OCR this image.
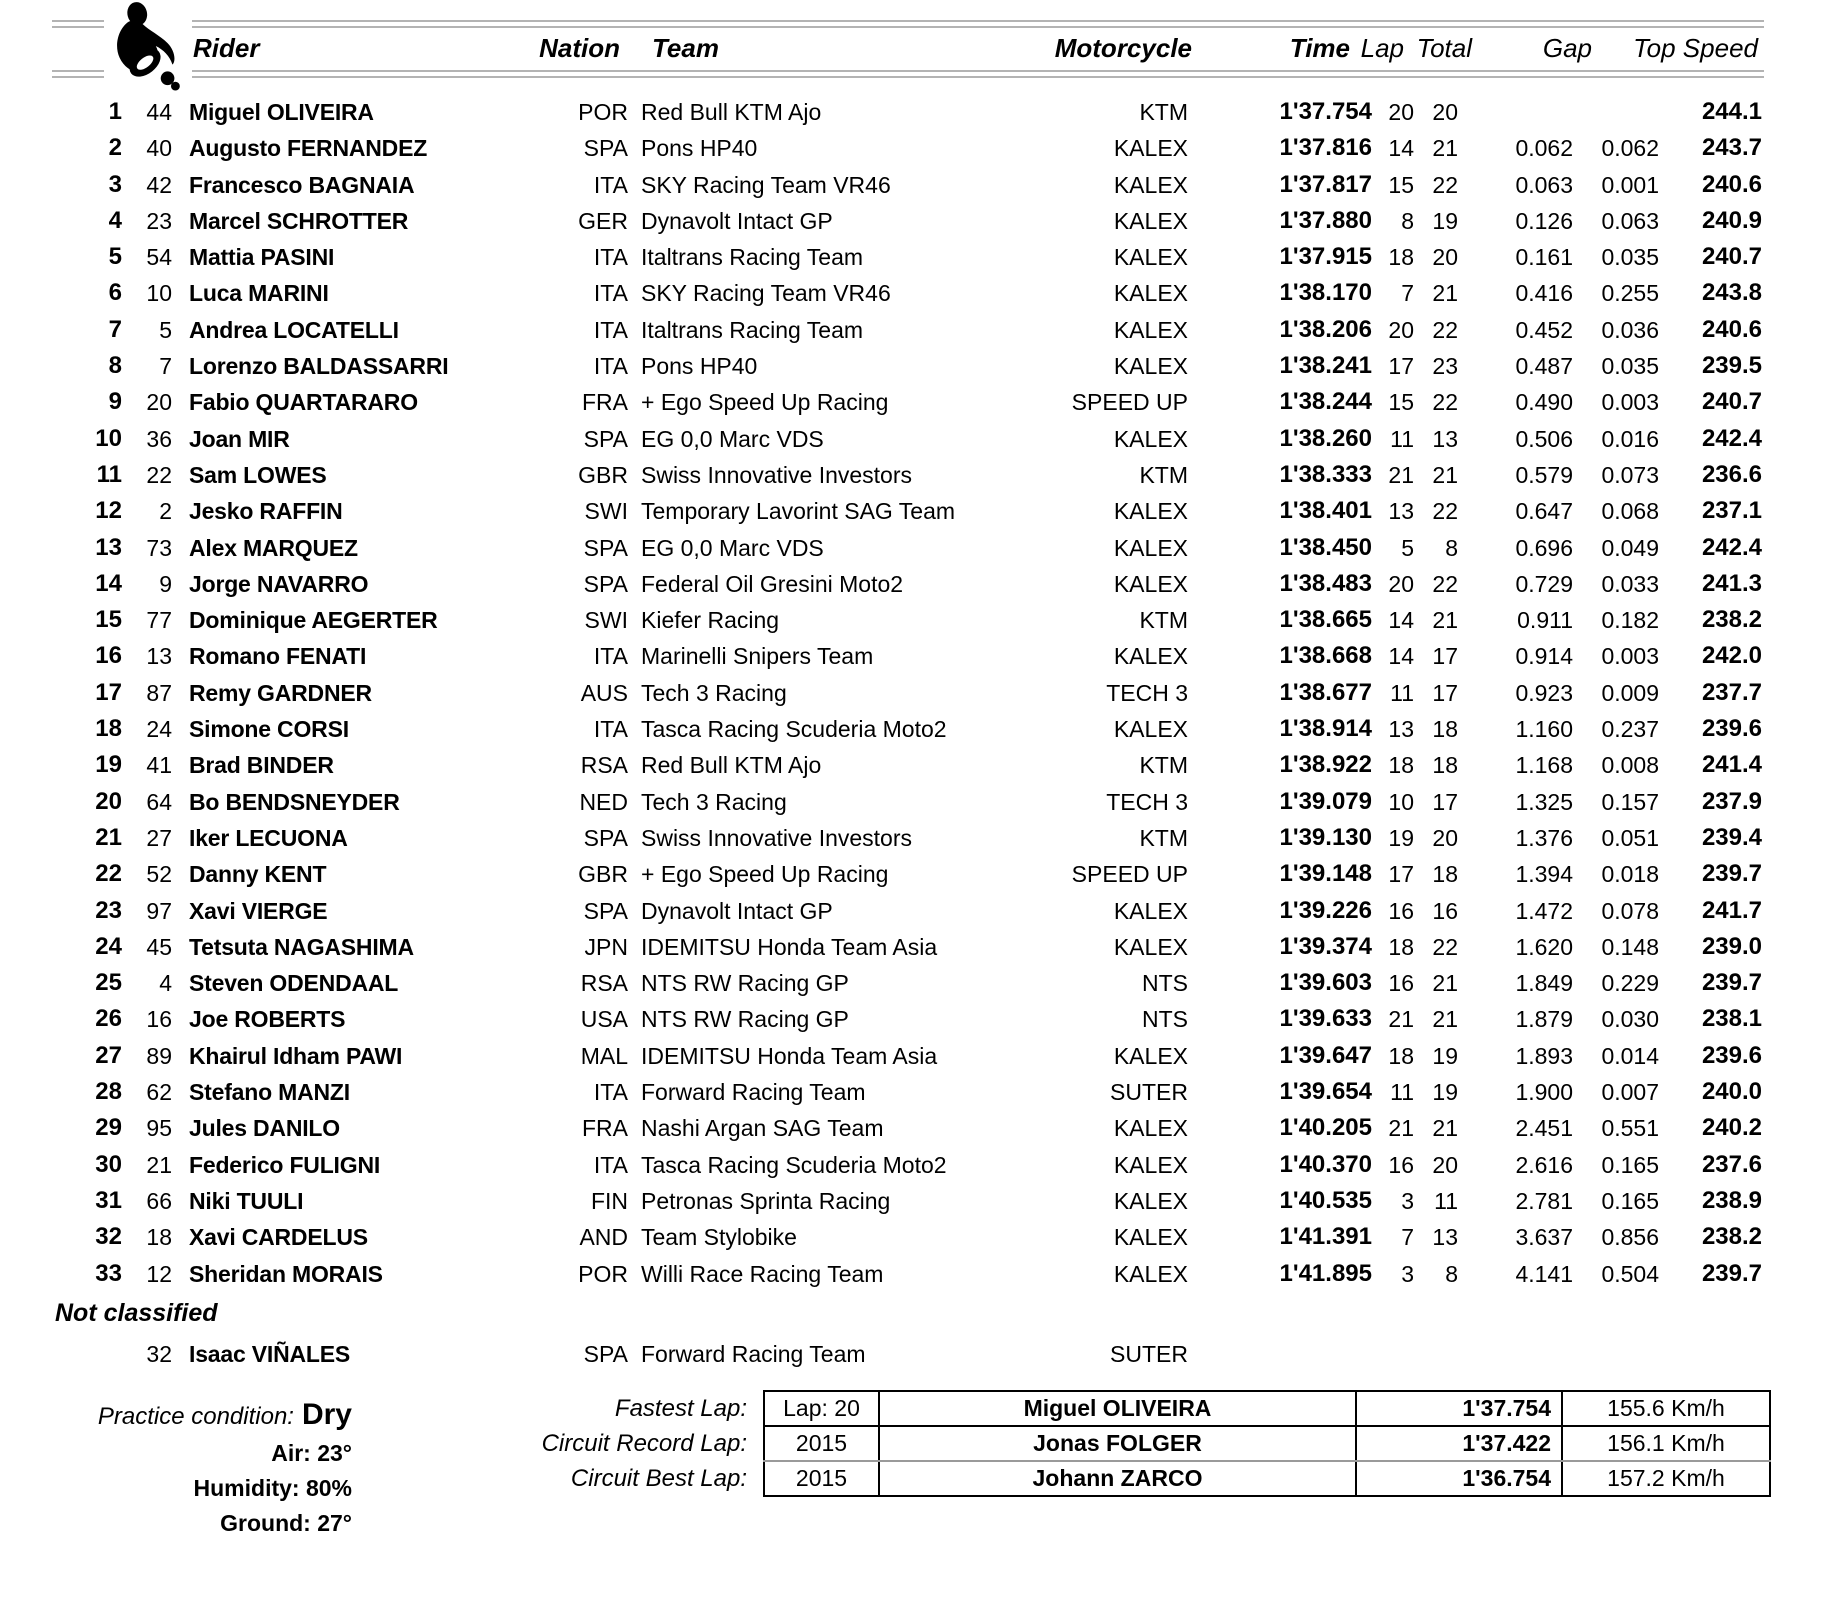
Rider	Nation Team	Motorcycle	Time Lap Total	Gap	Top Speed
1	44 Miguel OLIVEIRA	POR Red Bull KTM Ajo	KTM	1'37.754 20 20	244.1
2	40 Augusto FERNANDEZ	SPA Pons HP40	KALEX	1'37.816 14 21	0.062	0.062	243.7
3	42 Francesco BAGNAIA	ITA SKY Racing Team VR46	KALEX	1'37.817 15 22	0.063	0.001	240.6
4	23 Marcel SCHROTTER	GER Dynavolt Intact GP	KALEX	1'37.880	8 19	0.126	0.063	240.9
5	54 Mattia PASINI	ITA Italtrans Racing Team	KALEX	1'37.915 18 20	0.161	0.035	240.7
6	10 Luca MARINI	ITA SKY Racing Team VR46	KALEX	1'38.170	7 21	0.416	0.255	243.8
7	5 Andrea LOCATELLI	ITA Italtrans Racing Team	KALEX	1'38.206 20 22	0.452	0.036	240.6
8	7 Lorenzo BALDASSARRI	ITA Pons HP40	KALEX	1'38.241 17 23	0.487	0.035	239.5
9	20 Fabio QUARTARARO	FRA + Ego Speed Up Racing	SPEED UP	1'38.244 15 22	0.490	0.003	240.7
10	36 Joan MIR	SPA EG 0,0 Marc VDS	KALEX	1'38.260 11 13	0.506	0.016	242.4
11	22 Sam LOWES	GBR Swiss Innovative Investors	KTM	1'38.333 21 21	0.579	0.073	236.6
12	2 Jesko RAFFIN	SWI Temporary Lavorint SAG Team	KALEX	1'38.401 13 22	0.647	0.068	237.1
13	73 Alex MARQUEZ	SPA EG 0,0 Marc VDS	KALEX	1'38.450	5	8	0.696	0.049	242.4
14	9 Jorge NAVARRO	SPA Federal Oil Gresini Moto2	KALEX	1'38.483 20 22	0.729	0.033	241.3
15	77 Dominique AEGERTER	SWI Kiefer Racing	KTM	1'38.665 14 21	0.911	0.182	238.2
16	13 Romano FENATI	ITA Marinelli Snipers Team	KALEX	1'38.668 14 17	0.914	0.003	242.0
17	87 Remy GARDNER	AUS Tech 3 Racing	TECH 3	1'38.677 11 17	0.923	0.009	237.7
18	24 Simone CORSI	ITA Tasca Racing Scuderia Moto2	KALEX	1'38.914 13 18	1.160	0.237	239.6
19	41 Brad BINDER	RSA Red Bull KTM Ajo	KTM	1'38.922 18 18	1.168	0.008	241.4
20	64 Bo BENDSNEYDER	NED Tech 3 Racing	TECH 3	1'39.079 10 17	1.325	0.157	237.9
21	27 Iker LECUONA	SPA Swiss Innovative Investors	KTM	1'39.130 19 20	1.376	0.051	239.4
22	52 Danny KENT	GBR + Ego Speed Up Racing	SPEED UP	1'39.148 17 18	1.394	0.018	239.7
23	97 Xavi VIERGE	SPA Dynavolt Intact GP	KALEX	1'39.226 16 16	1.472	0.078	241.7
24	45 Tetsuta NAGASHIMA	JPN IDEMITSU Honda Team Asia	KALEX	1'39.374 18 22	1.620	0.148	239.0
25	4 Steven ODENDAAL	RSA NTS RW Racing GP	NTS	1'39.603 16 21	1.849	0.229	239.7
26	16 Joe ROBERTS	USA NTS RW Racing GP	NTS	1'39.633 21 21	1.879	0.030	238.1
27	89 Khairul Idham PAWI	MAL IDEMITSU Honda Team Asia	KALEX	1'39.647 18 19	1.893	0.014	239.6
28	62 Stefano MANZI	ITA Forward Racing Team	SUTER	1'39.654 11 19	1.900	0.007	240.0
29	95 Jules DANILO	FRA Nashi Argan SAG Team	KALEX	1'40.205 21 21	2.451	0.551	240.2
30	21 Federico FULIGNI	ITA Tasca Racing Scuderia Moto2	KALEX	1'40.370 16 20	2.616	0.165	237.6
31	66 Niki TUULI	FIN Petronas Sprinta Racing	KALEX	1'40.535	3 11	2.781	0.165	238.9
32	18 Xavi CARDELUS	AND Team Stylobike	KALEX	1'41.391	7 13	3.637	0.856	238.2
33	12 Sheridan MORAIS	POR Willi Race Racing Team	KALEX	1'41.895	3	8	4.141	0.504	239.7
Not classified
32 Isaac VIÑALES	SPA Forward Racing Team	SUTER
Practice condition: Dry
Air: 23°
Humidity: 80%
Ground: 27°
Fastest Lap:	Lap: 20	Miguel OLIVEIRA	1'37.754	155.6 Km/h
Circuit Record Lap:	2015	Jonas FOLGER	1'37.422	156.1 Km/h
Circuit Best Lap:	2015	Johann ZARCO	1'36.754	157.2 Km/h
